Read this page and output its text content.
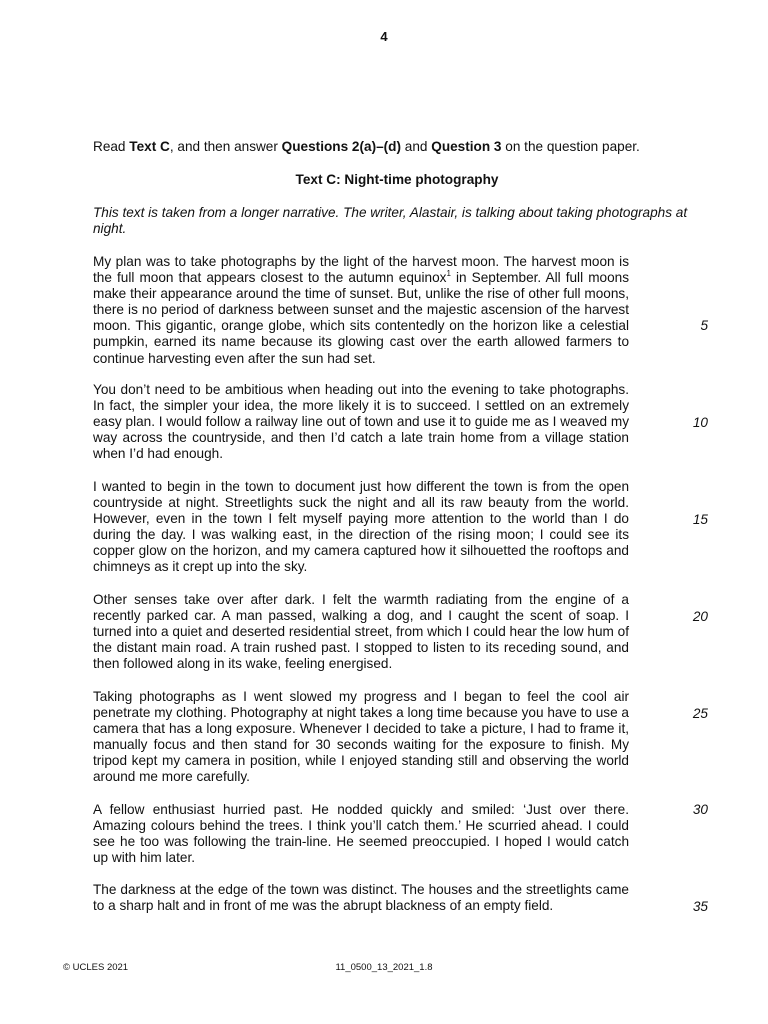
4
Read Text C, and then answer Questions 2(a)–(d) and Question 3 on the question paper.
Text C: Night-time photography
This text is taken from a longer narrative. The writer, Alastair, is talking about taking photographs at night.
My plan was to take photographs by the light of the harvest moon. The harvest moon is the full moon that appears closest to the autumn equinox$^1$ in September. All full moons make their appearance around the time of sunset. But, unlike the rise of other full moons, there is no period of darkness between sunset and the majestic ascension of the harvest moon. This gigantic, orange globe, which sits contentedly on the horizon like a celestial pumpkin, earned its name because its glowing cast over the earth allowed farmers to continue harvesting even after the sun had set.
You don’t need to be ambitious when heading out into the evening to take photographs. In fact, the simpler your idea, the more likely it is to succeed. I settled on an extremely easy plan. I would follow a railway line out of town and use it to guide me as I weaved my way across the countryside, and then I’d catch a late train home from a village station when I’d had enough.
I wanted to begin in the town to document just how different the town is from the open countryside at night. Streetlights suck the night and all its raw beauty from the world. However, even in the town I felt myself paying more attention to the world than I do during the day. I was walking east, in the direction of the rising moon; I could see its copper glow on the horizon, and my camera captured how it silhouetted the rooftops and chimneys as it crept up into the sky.
Other senses take over after dark. I felt the warmth radiating from the engine of a recently parked car. A man passed, walking a dog, and I caught the scent of soap. I turned into a quiet and deserted residential street, from which I could hear the low hum of the distant main road. A train rushed past. I stopped to listen to its receding sound, and then followed along in its wake, feeling energised.
Taking photographs as I went slowed my progress and I began to feel the cool air penetrate my clothing. Photography at night takes a long time because you have to use a camera that has a long exposure. Whenever I decided to take a picture, I had to frame it, manually focus and then stand for 30 seconds waiting for the exposure to finish. My tripod kept my camera in position, while I enjoyed standing still and observing the world around me more carefully.
A fellow enthusiast hurried past. He nodded quickly and smiled: ‘Just over there. Amazing colours behind the trees. I think you’ll catch them.’ He scurried ahead. I could see he too was following the train-line. He seemed preoccupied. I hoped I would catch up with him later.
The darkness at the edge of the town was distinct. The houses and the streetlights came to a sharp halt and in front of me was the abrupt blackness of an empty field.
5
10
15
20
25
30
35
© UCLES 2021	11_0500_13_2021_1.8
